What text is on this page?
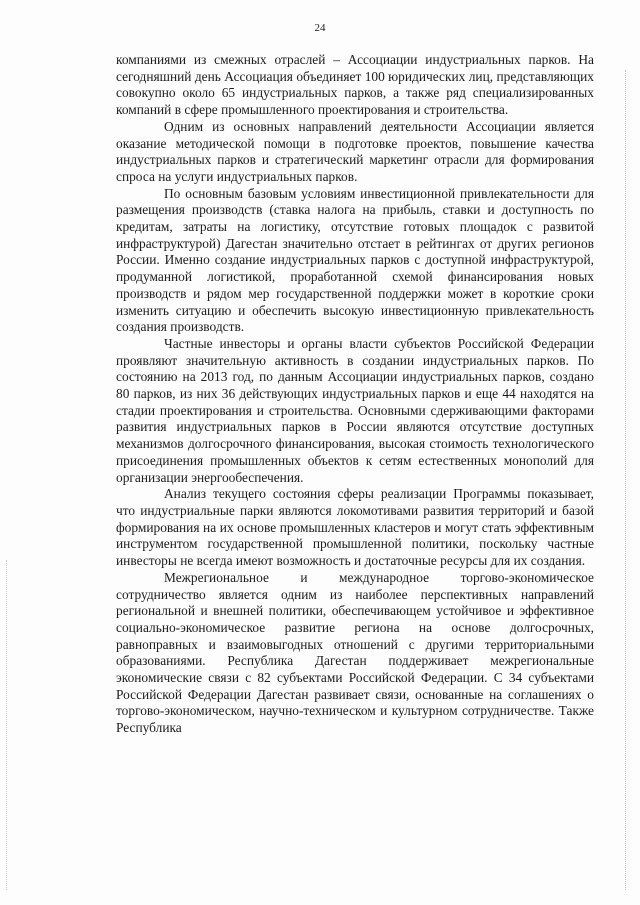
24

компаниями из смежных отраслей – Ассоциации индустриальных парков. На сегодняшний день Ассоциация объединяет 100 юридических лиц, представляющих совокупно около 65 индустриальных парков, а также ряд специализированных компаний в сфере промышленного проектирования и строительства.

Одним из основных направлений деятельности Ассоциации является оказание методической помощи в подготовке проектов, повышение качества индустриальных парков и стратегический маркетинг отрасли для формирования спроса на услуги индустриальных парков.

По основным базовым условиям инвестиционной привлекательности для размещения производств (ставка налога на прибыль, ставки и доступность по кредитам, затраты на логистику, отсутствие готовых площадок с развитой инфраструктурой) Дагестан значительно отстает в рейтингах от других регионов России. Именно создание индустриальных парков с доступной инфраструктурой, продуманной логистикой, проработанной схемой финансирования новых производств и рядом мер государственной поддержки может в короткие сроки изменить ситуацию и обеспечить высокую инвестиционную привлекательность создания производств.

Частные инвесторы и органы власти субъектов Российской Федерации проявляют значительную активность в создании индустриальных парков. По состоянию на 2013 год, по данным Ассоциации индустриальных парков, создано 80 парков, из них 36 действующих индустриальных парков и еще 44 находятся на стадии проектирования и строительства. Основными сдерживающими факторами развития индустриальных парков в России являются отсутствие доступных механизмов долгосрочного финансирования, высокая стоимость технологического присоединения промышленных объектов к сетям естественных монополий для организации энергообеспечения.

Анализ текущего состояния сферы реализации Программы показывает, что индустриальные парки являются локомотивами развития территорий и базой формирования на их основе промышленных кластеров и могут стать эффективным инструментом государственной промышленной политики, поскольку частные инвесторы не всегда имеют возможность и достаточные ресурсы для их создания.

Межрегиональное и международное торгово-экономическое сотрудничество является одним из наиболее перспективных направлений региональной и внешней политики, обеспечивающем устойчивое и эффективное социально-экономическое развитие региона на основе долгосрочных, равноправных и взаимовыгодных отношений с другими территориальными образованиями. Республика Дагестан поддерживает межрегиональные экономические связи с 82 субъектами Российской Федерации. С 34 субъектами Российской Федерации Дагестан развивает связи, основанные на соглашениях о торгово-экономическом, научно-техническом и культурном сотрудничестве. Также Республика
